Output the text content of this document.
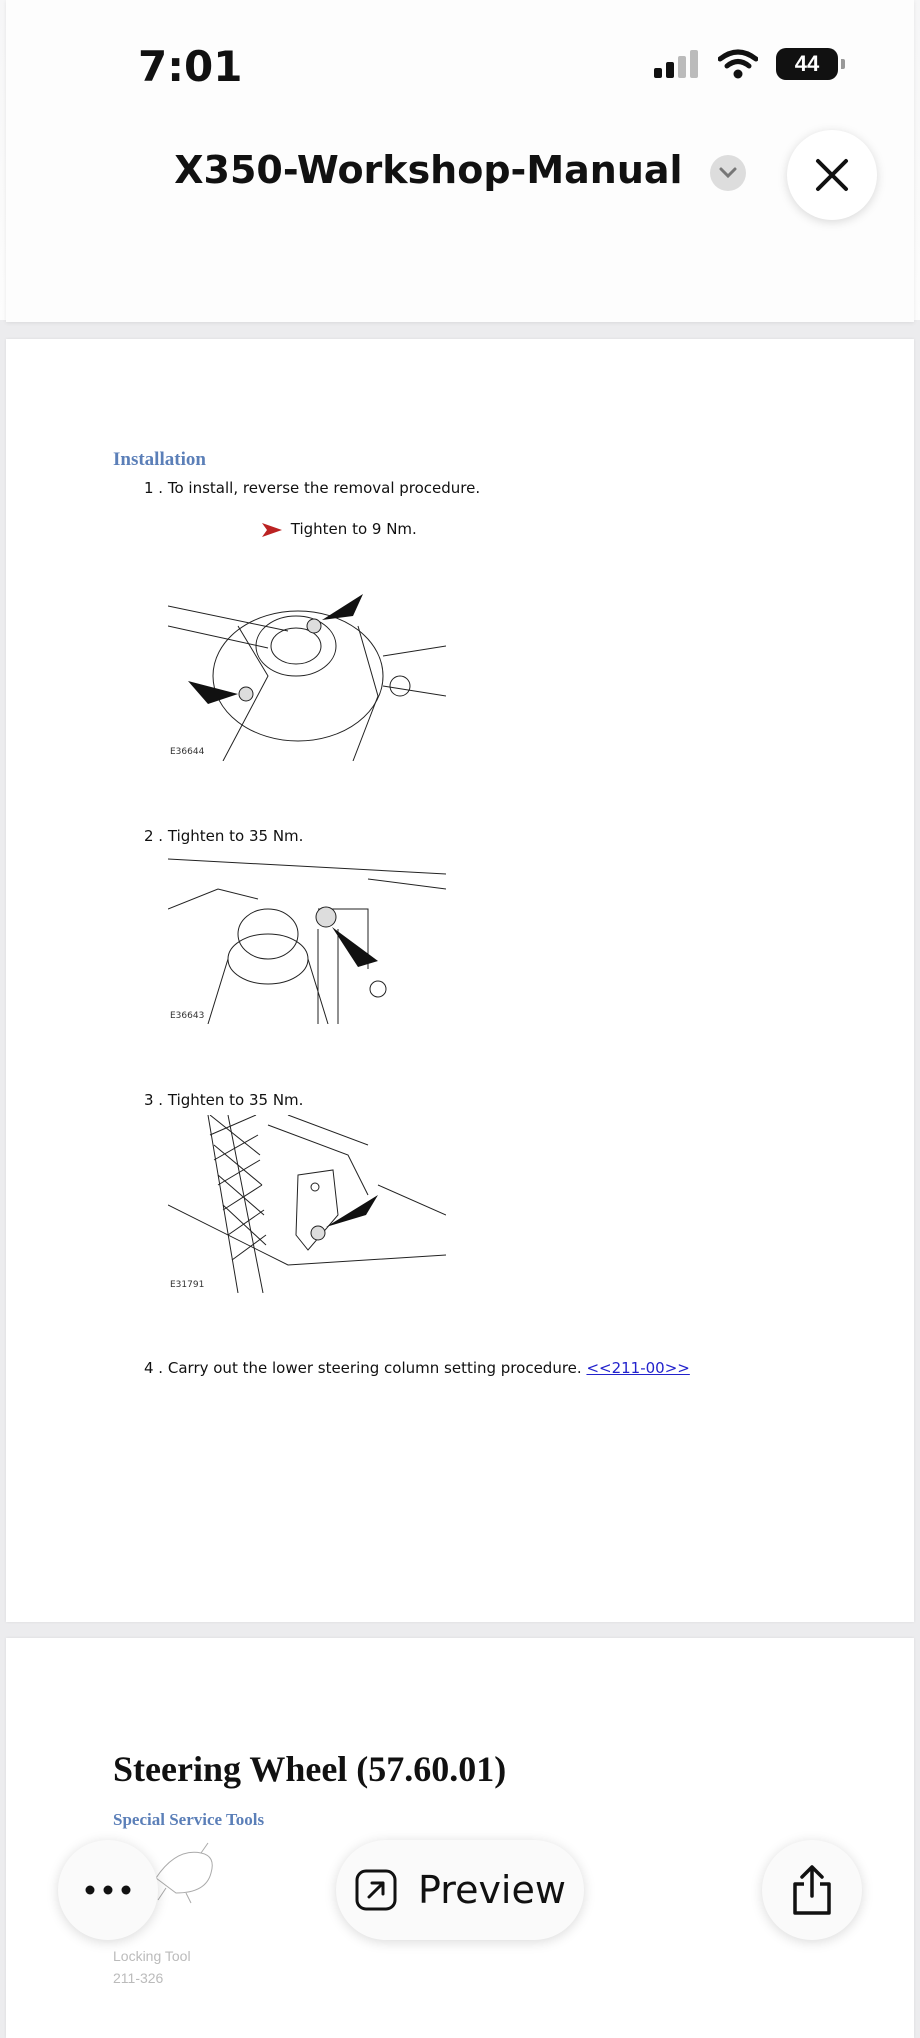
7:01	44
X350-Workshop-Manual
Installation
1 . To install, reverse the removal procedure.
Tighten to 9 Nm.
E36644
2 . Tighten to 35 Nm.
E36643
3 . Tighten to 35 Nm.
E31791
4 . Carry out the lower steering column setting procedure. <<211-00>>
Steering Wheel (57.60.01)
Special Service Tools
Locking Tool
211-326
Preview
